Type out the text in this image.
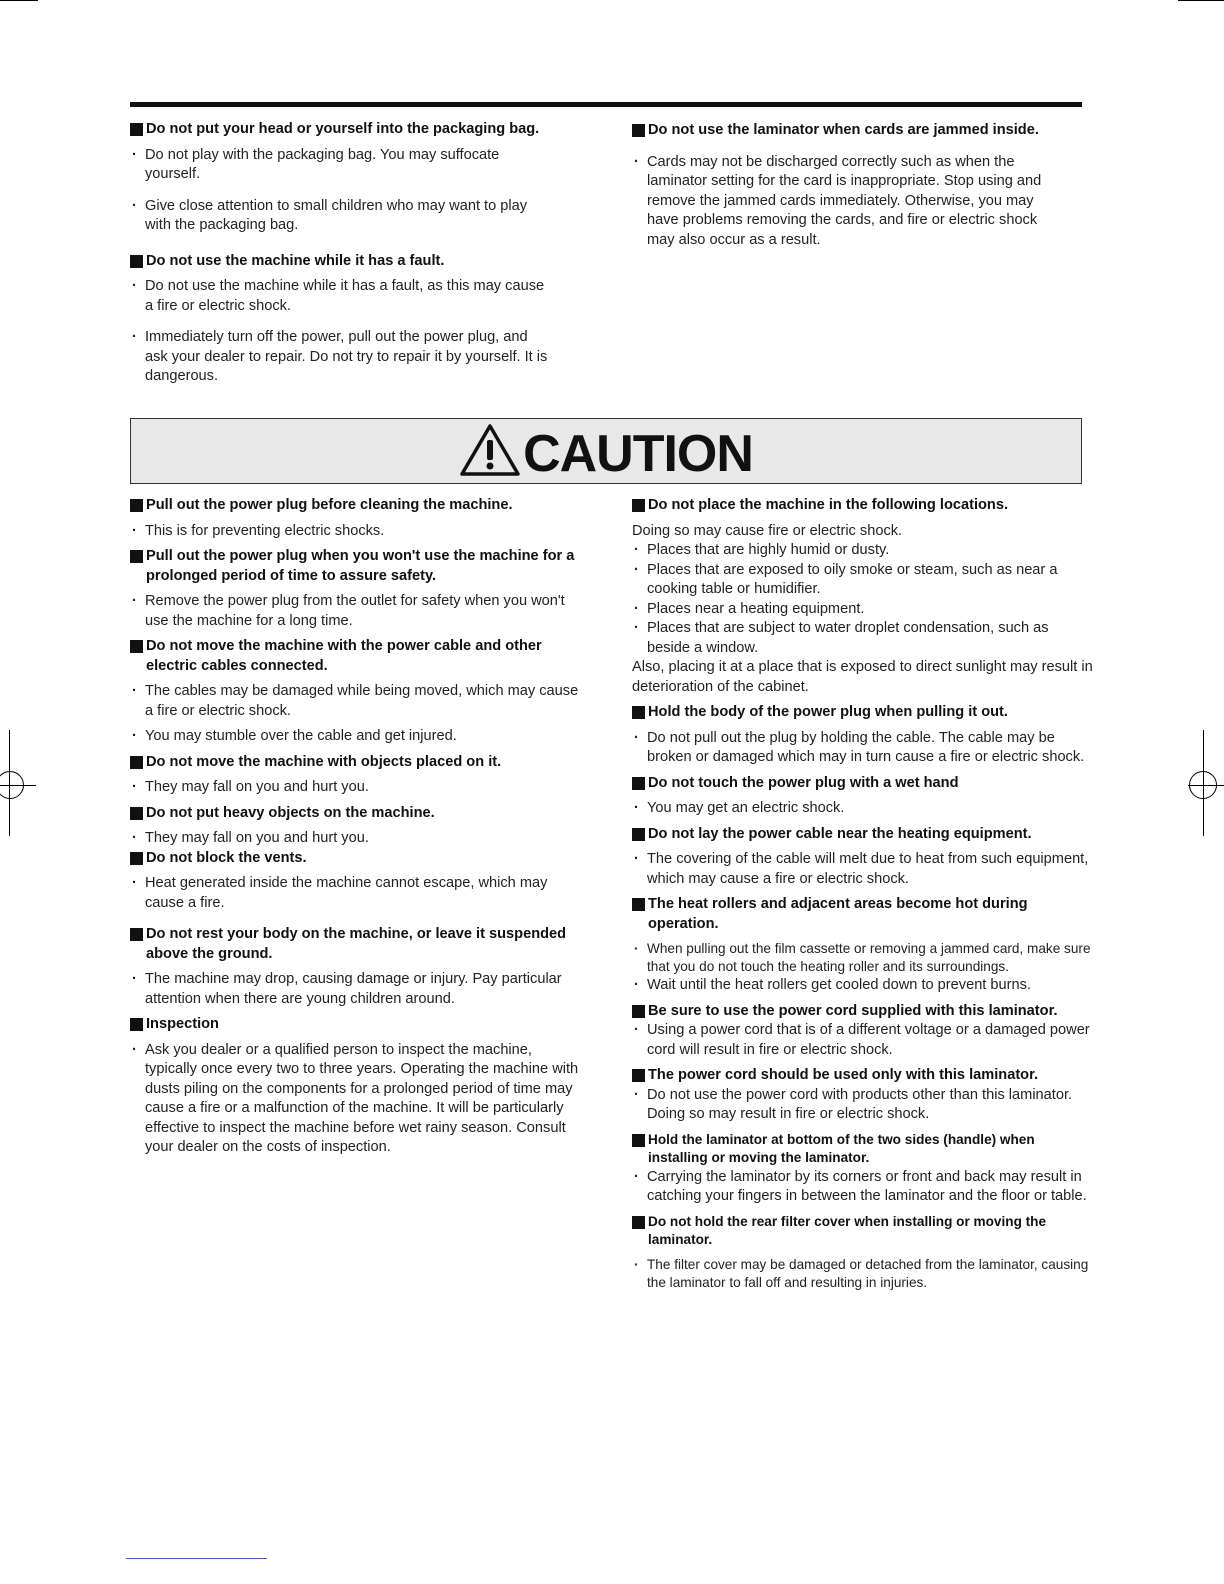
Do not put your head or yourself into the packaging bag.
· Do not play with the packaging bag. You may suffocate yourself.
· Give close attention to small children who may want to play with the packaging bag.
Do not use the machine while it has a fault.
· Do not use the machine while it has a fault, as this may cause a fire or electric shock.
· Immediately turn off the power, pull out the power plug, and ask your dealer to repair. Do not try to repair it by yourself. It is dangerous.
Do not use the laminator when cards are jammed inside.
· Cards may not be discharged correctly such as when the laminator setting for the card is inappropriate. Stop using and remove the jammed cards immediately. Otherwise, you may have problems removing the cards, and fire or electric shock may also occur as a result.
CAUTION
Pull out the power plug before cleaning the machine.
· This is for preventing electric shocks.
Pull out the power plug when you won't use the machine for a prolonged period of time to assure safety.
· Remove the power plug from the outlet for safety when you won't use the machine for a long time.
Do not move the machine with the power cable and other electric cables connected.
· The cables may be damaged while being moved, which may cause a fire or electric shock.
· You may stumble over the cable and get injured.
Do not move the machine with objects placed on it.
· They may fall on you and hurt you.
Do not put heavy objects on the machine.
· They may fall on you and hurt you.
Do not block the vents.
· Heat generated inside the machine cannot escape, which may cause a fire.
Do not rest your body on the machine, or leave it suspended above the ground.
· The machine may drop, causing damage or injury. Pay particular attention when there are young children around.
Inspection
· Ask you dealer or a qualified person to inspect the machine, typically once every two to three years. Operating the machine with dusts piling on the components for a prolonged period of time may cause a fire or a malfunction of the machine. It will be particularly effective to inspect the machine before wet rainy season. Consult your dealer on the costs of inspection.
Do not place the machine in the following locations.
Doing so may cause fire or electric shock.
· Places that are highly humid or dusty.
· Places that are exposed to oily smoke or steam, such as near a cooking table or humidifier.
· Places near a heating equipment.
· Places that are subject to water droplet condensation, such as beside a window.
Also, placing it at a place that is exposed to direct sunlight may result in deterioration of the cabinet.
Hold the body of the power plug when pulling it out.
· Do not pull out the plug by holding the cable. The cable may be broken or damaged which may in turn cause a fire or electric shock.
Do not touch the power plug with a wet hand
· You may get an electric shock.
Do not lay the power cable near the heating equipment.
· The covering of the cable will melt due to heat from such equipment, which may cause a fire or electric shock.
The heat rollers and adjacent areas become hot during operation.
· When pulling out the film cassette or removing a jammed card, make sure that you do not touch the heating roller and its surroundings.
· Wait until the heat rollers get cooled down to prevent burns.
Be sure to use the power cord supplied with this laminator.
· Using a power cord that is of a different voltage or a damaged power cord will result in fire or electric shock.
The power cord should be used only with this laminator.
· Do not use the power cord with products other than this laminator. Doing so may result in fire or electric shock.
Hold the laminator at bottom of the two sides (handle) when installing or moving the laminator.
· Carrying the laminator by its corners or front and back may result in catching your fingers in between the laminator and the floor or table.
Do not hold the rear filter cover when installing or moving the laminator.
· The filter cover may be damaged or detached from the laminator, causing the laminator to fall off and resulting in injuries.
